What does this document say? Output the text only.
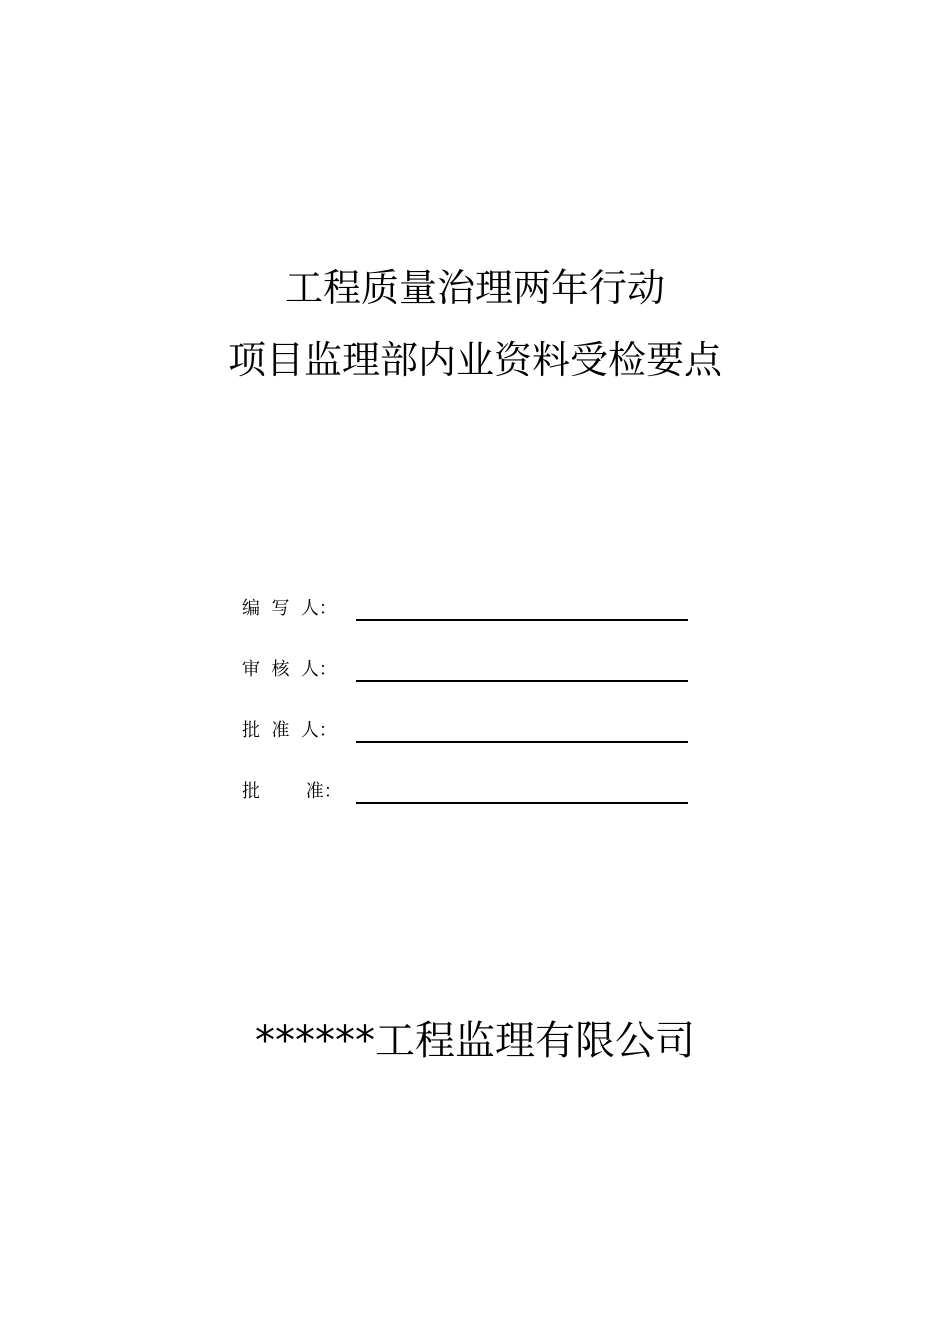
工程质量治理两年行动
项目监理部内业资料受检要点
编  写  人：
审  核  人：
批  准  人：
批        准：
******工程监理有限公司
